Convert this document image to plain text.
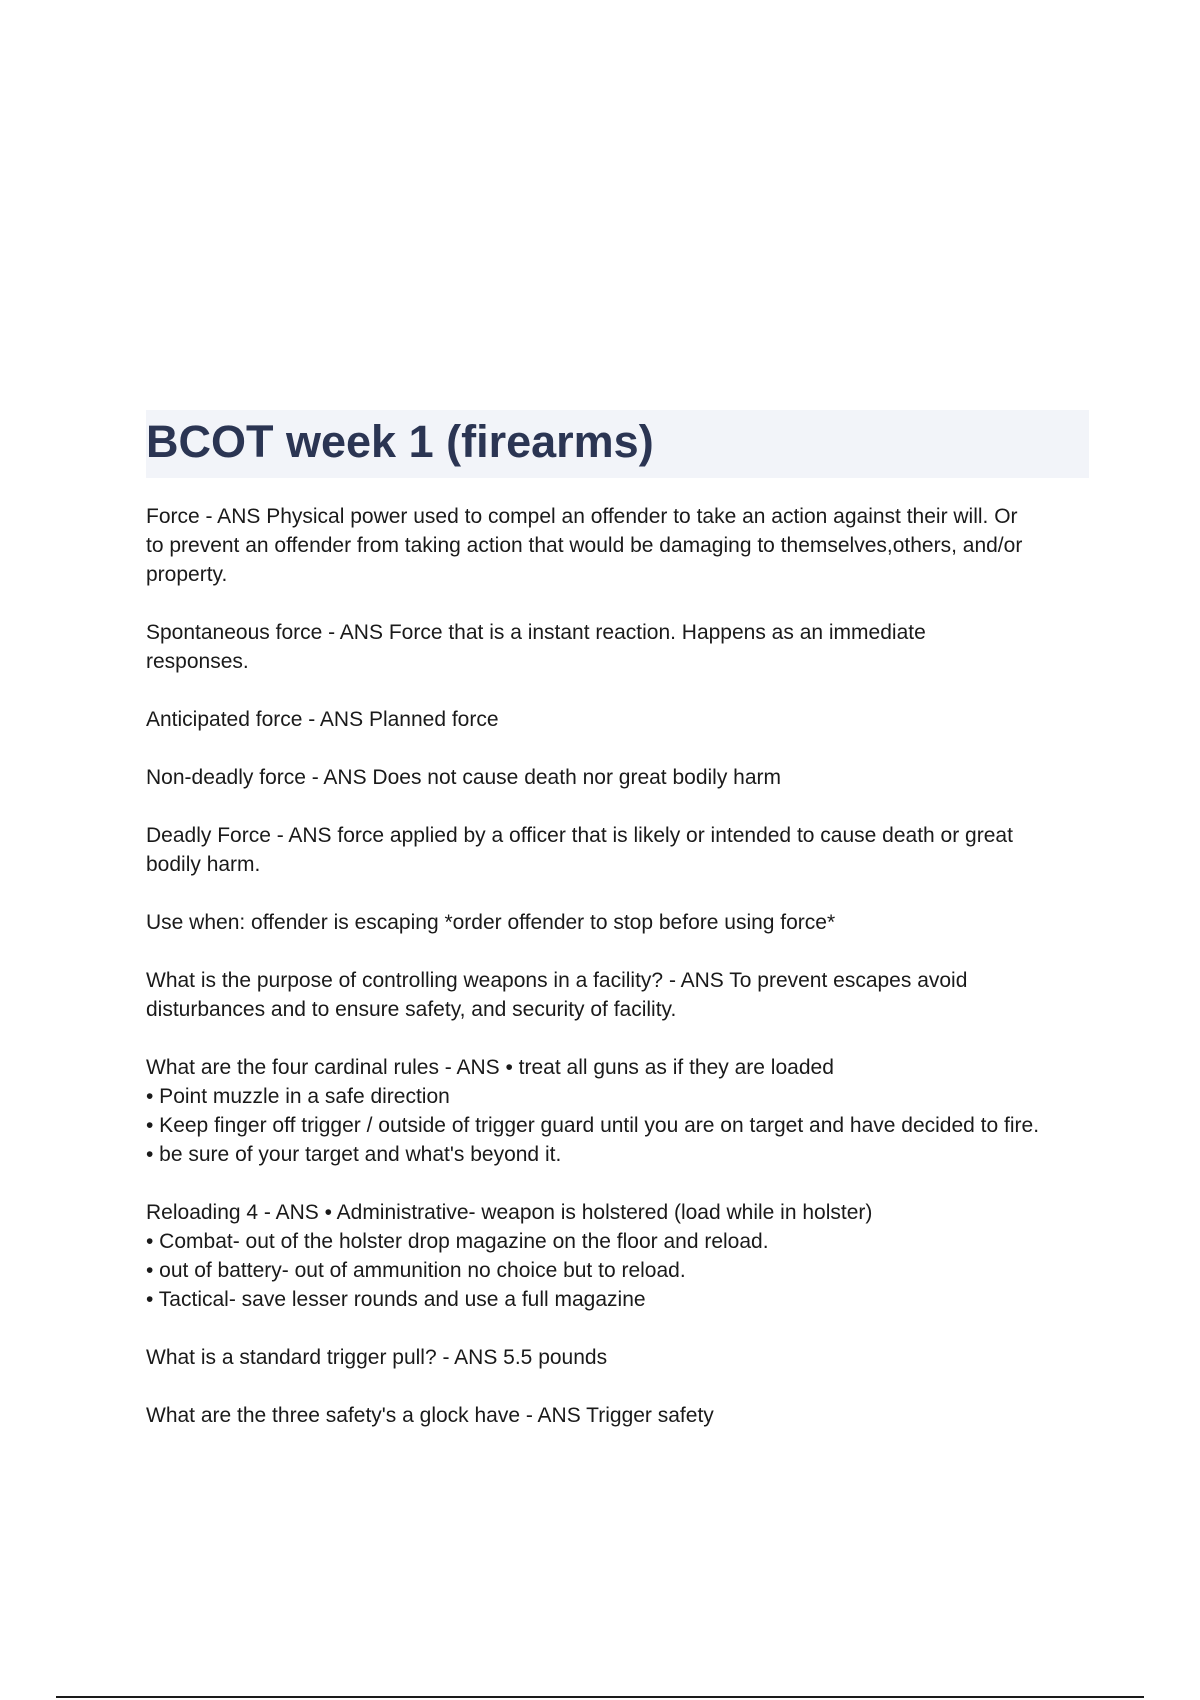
BCOT week 1 (firearms)
Force - ANS Physical power used to compel an offender to take an action against their will. Or
to prevent an offender from taking action that would be damaging to themselves,others, and/or
property.
Spontaneous force - ANS Force that is a instant reaction. Happens as an immediate
responses.
Anticipated force - ANS Planned force
Non-deadly force - ANS Does not cause death nor great bodily harm
Deadly Force - ANS force applied by a officer that is likely or intended to cause death or great
bodily harm.
Use when: offender is escaping *order offender to stop before using force*
What is the purpose of controlling weapons in a facility? - ANS To prevent escapes avoid
disturbances and to ensure safety, and security of facility.
What are the four cardinal rules - ANS • treat all guns as if they are loaded
• Point muzzle in a safe direction
• Keep finger off trigger / outside of trigger guard until you are on target and have decided to fire.
• be sure of your target and what's beyond it.
Reloading 4 - ANS • Administrative- weapon is holstered (load while in holster)
• Combat- out of the holster drop magazine on the floor and reload.
• out of battery- out of ammunition no choice but to reload.
• Tactical- save lesser rounds and use a full magazine
What is a standard trigger pull? - ANS 5.5 pounds
What are the three safety's a glock have - ANS Trigger safety
